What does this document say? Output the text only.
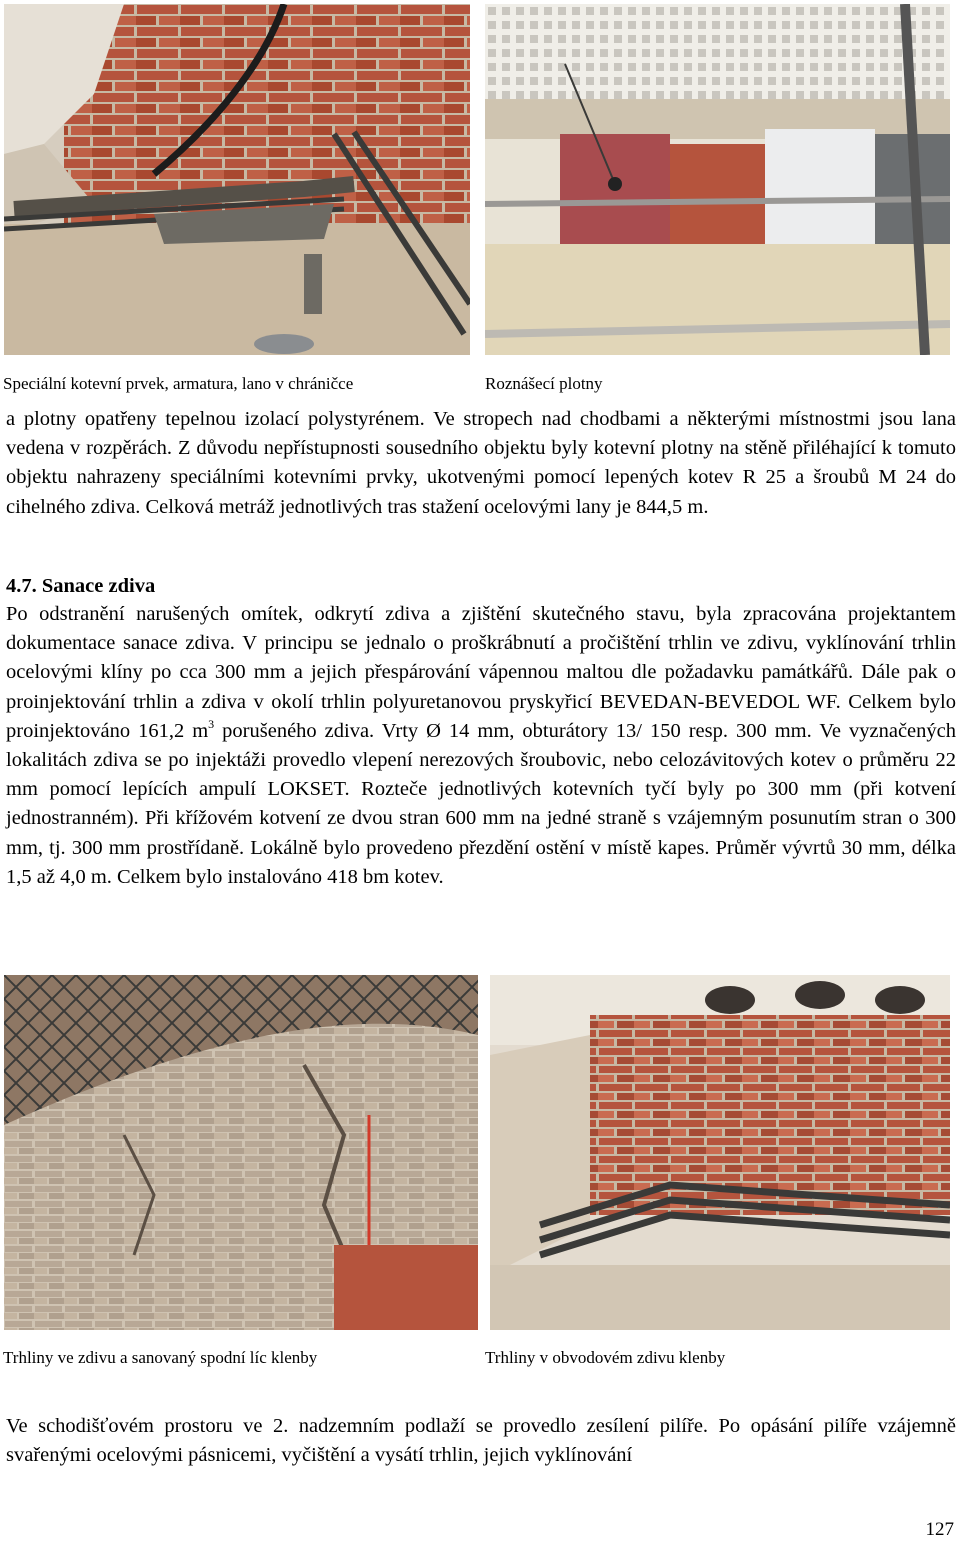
Speciální kotevní prvek, armatura, lano v chráničce	Roznášecí plotny

a plotny opatřeny tepelnou izolací polystyrénem. Ve stropech nad chodbami a některými místnostmi jsou lana vedena v rozpěrách. Z důvodu nepřístupnosti sousedního objektu byly kotevní plotny na stěně přiléhající k tomuto objektu nahrazeny speciálními kotevními prvky, ukotvenými pomocí lepených kotev R 25 a šroubů M 24 do cihelného zdiva. Celková metráž jednotlivých tras stažení ocelovými lany je 844,5 m.

4.7. Sanace zdiva

Po odstranění narušených omítek, odkrytí zdiva a zjištění skutečného stavu, byla zpracována projektantem dokumentace sanace zdiva. V principu se jednalo o proškrábnutí a pročištění trhlin ve zdivu, vyklínování trhlin ocelovými klíny po cca 300 mm a jejich přespárování vápennou maltou dle požadavku památkářů. Dále pak o proinjektování trhlin a zdiva v okolí trhlin polyuretanovou pryskyřicí BEVEDAN-BEVEDOL WF. Celkem bylo proinjektováno 161,2 $m^3$ porušeného zdiva. Vrty Ø 14 mm, obturátory 13/ 150 resp. 300 mm. Ve vyznačených lokalitách zdiva se po injektáži provedlo vlepení nerezových šroubovic, nebo celozávitových kotev o průměru 22 mm pomocí lepících ampulí LOKSET. Rozteče jednotlivých kotevních tyčí byly po 300 mm (při kotvení jednostranném). Při křížovém kotvení ze dvou stran 600 mm na jedné straně s vzájemným posunutím stran o 300 mm, tj. 300 mm prostřídaně. Lokálně bylo provedeno přezdění ostění v místě kapes. Průměr vývrtů 30 mm, délka 1,5 až 4,0 m. Celkem bylo instalováno 418 bm kotev.

Trhliny ve zdivu a sanovaný spodní líc klenby	Trhliny v obvodovém zdivu klenby

Ve schodišťovém prostoru ve 2. nadzemním podlaží se provedlo zesílení pilíře. Po opásání pilíře vzájemně svařenými ocelovými pásnicemi, vyčištění a vysátí trhlin, jejich vyklínování

127
